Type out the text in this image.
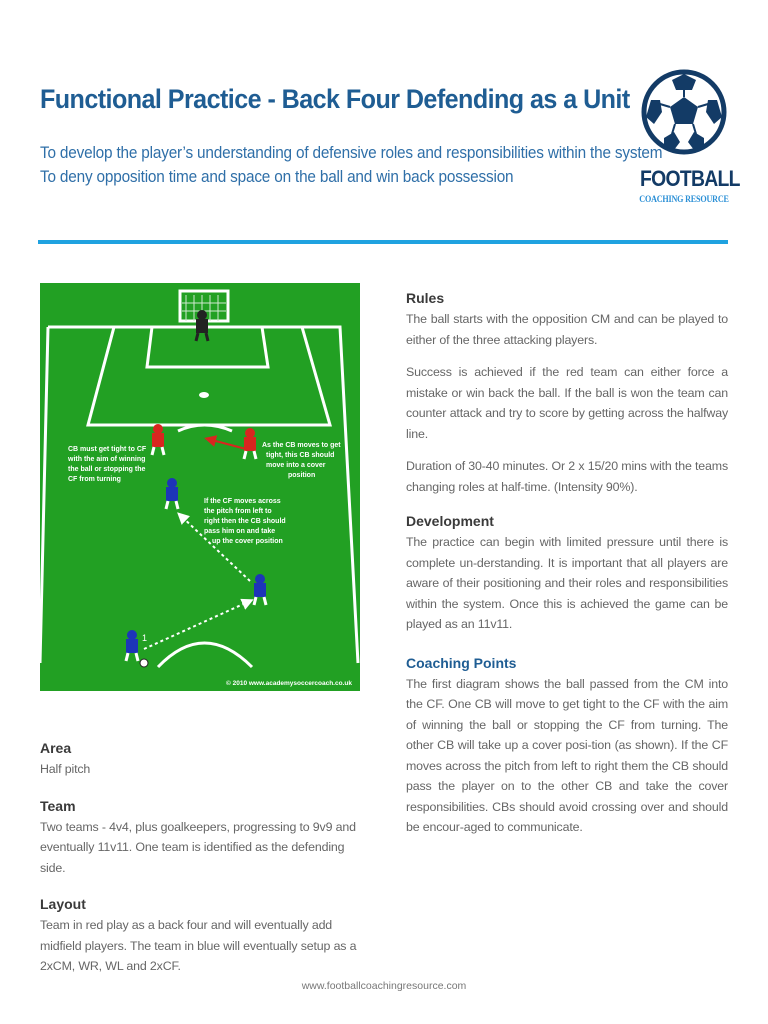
Functional Practice - Back Four Defending as a Unit
To develop the player’s understanding of defensive roles and responsibilities within the system
To deny opposition time and space on the ball and win back possession	FOOTBALL
COACHING RESOURCE
1
CB must get tight to CF with the aim of winning the ball or stopping the CF from turning
As the CB moves to get tight, this CB should move into a cover position
If the CF moves across the pitch from left to right then the CB should pass him on and take up the cover position
© 2010 www.academysoccercoach.co.uk
Area

Half pitch

Team

Two teams - 4v4, plus goalkeepers, progressing to 9v9 and eventually 11v11. One team is identified as the defending side.

Layout

Team in red play as a back four and will eventually add midfield players. The team in blue will eventually setup as a 2xCM, WR, WL and 2xCF.

Rules

The ball starts with the opposition CM and can be played to either of the three attacking players.

Success is achieved if the red team can either force a mistake or win back the ball. If the ball is won the team can counter attack and try to score by getting across the halfway line.

Duration of 30-40 minutes. Or 2 x 15/20 mins with the teams changing roles at half-time. (Intensity 90%).

Development

The practice can begin with limited pressure until there is complete un-derstanding. It is important that all players are aware of their positioning and their roles and responsibilities within the system. Once this is achieved the game can be played as an 11v11.

Coaching Points

The first diagram shows the ball passed from the CM into the CF. One CB will move to get tight to the CF with the aim of winning the ball or stopping the CF from turning. The other CB will take up a cover posi-tion (as shown). If the CF moves across the pitch from left to right them the CB should pass the player on to the other CB and take the cover responsibilities. CBs should avoid crossing over and should be encour-aged to communicate.

www.footballcoachingresource.com
